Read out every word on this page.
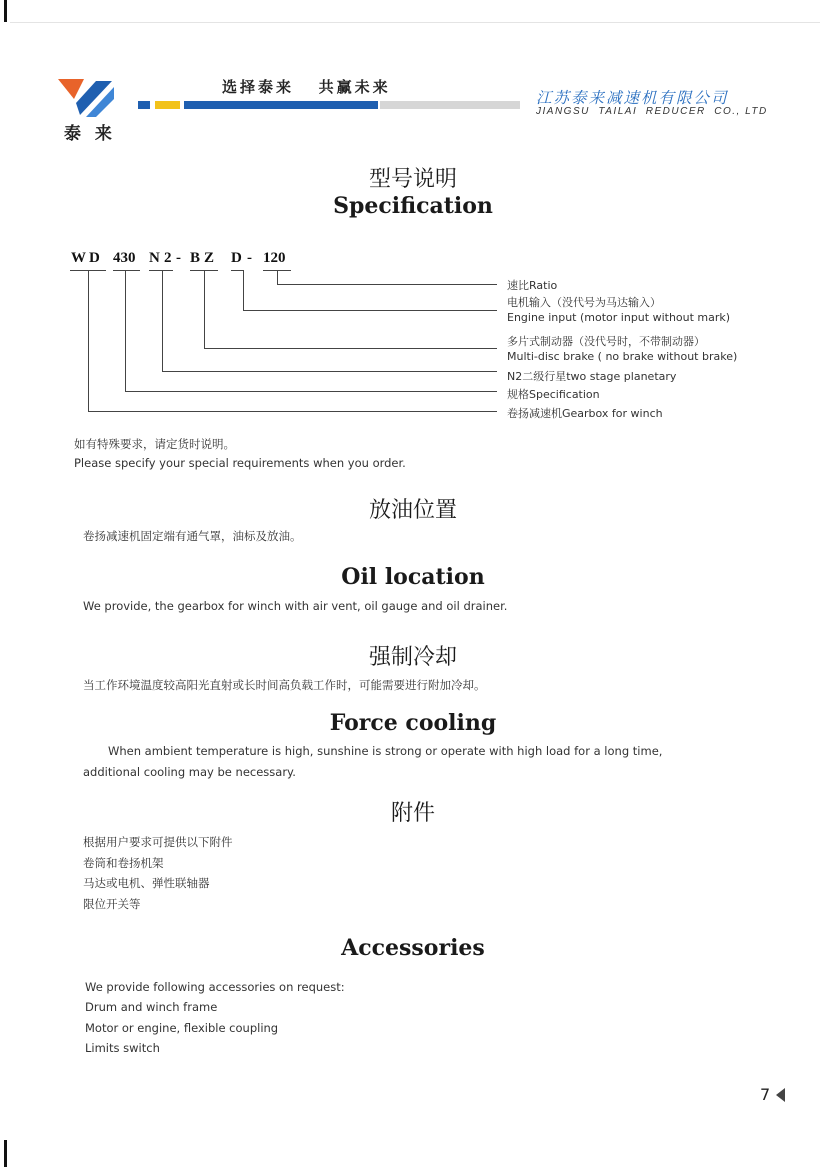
泰 来
选择泰来   共赢未来
江苏泰来减速机有限公司
JIANGSU  TAILAI  REDUCER  CO., LTD
型号说明
Specification
W D 430 N 2 - B Z D - 120
速比Ratio
电机输入（没代号为马达输入）
Engine input (motor input without mark)
多片式制动器（没代号时，不带制动器）
Multi-disc brake ( no brake without brake)
N2二级行星two stage planetary
规格Specification
卷扬减速机Gearbox for winch
如有特殊要求，请定货时说明。
Please specify your special requirements when you order.
放油位置
卷扬减速机固定端有通气罩，油标及放油。
Oil location
We provide, the gearbox for winch with air vent, oil gauge and oil drainer.
强制冷却
当工作环境温度较高阳光直射或长时间高负载工作时，可能需要进行附加冷却。
Force cooling
When ambient temperature is high, sunshine is strong or operate with high load for a long time,
additional cooling may be necessary.
附件
根据用户要求可提供以下附件
卷筒和卷扬机架
马达或电机、弹性联轴器
限位开关等
Accessories
We provide following accessories on request:
Drum and winch frame
Motor or engine, flexible coupling
Limits switch
7
